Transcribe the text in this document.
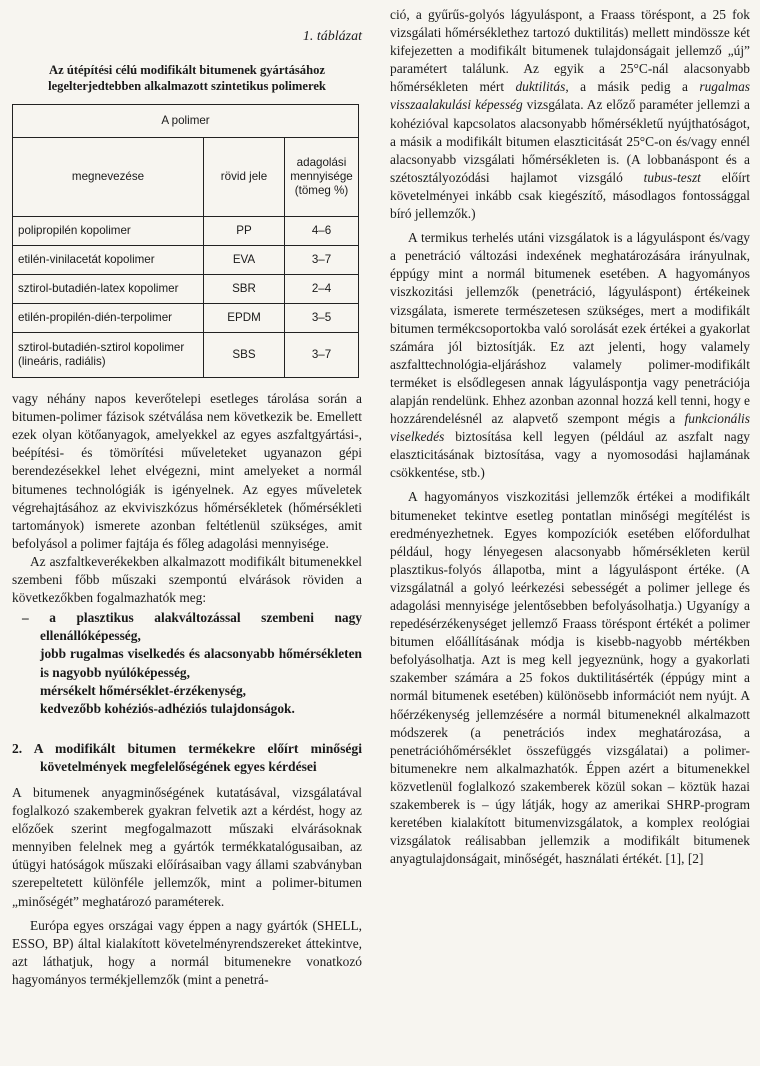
1. táblázat
Az útépítési célú modifikált bitumenek gyártásához legelterjedtebben alkalmazott szintetikus polimerek
A polimer		
megnevezése	rövid jele	adagolási mennyisége (tömeg %)
polipropilén kopolimer	PP	4–6
etilén-vinilacetát kopolimer	EVA	3–7
sztirol-butadién-latex kopolimer	SBR	2–4
etilén-propilén-dién-terpolimer	EPDM	3–5
sztirol-butadién-sztirol kopolimer (lineáris, radiális)	SBS	3–7

vagy néhány napos keverőtelepi esetleges tárolása során a bitumen-polimer fázisok szétválása nem következik be. Emellett ezek olyan kötőanyagok, amelyekkel az egyes aszfaltgyártási-, beépítési- és tömörítési műveleteket ugyanazon gépi berendezésekkel lehet elvégezni, mint amelyeket a normál bitumenes technológiák is igényelnek. Az egyes műveletek végrehajtásához az ekviviszkózus hőmérsékletek (hőmérsékleti tartományok) ismerete azonban feltétlenül szükséges, amit befolyásol a polimer fajtája és főleg adagolási mennyisége.

Az aszfaltkeverékekben alkalmazott modifikált bitumenekkel szembeni főbb műszaki szempontú elvárások röviden a következőkben fogalmazhatók meg:

– a plasztikus alakváltozással szembeni nagy ellenállóképesség,

jobb rugalmas viselkedés és alacsonyabb hőmérsékleten is nagyobb nyúlóképesség,

mérsékelt hőmérséklet-érzékenység,

kedvezőbb kohéziós-adhéziós tulajdonságok.

2. A modifikált bitumen termékekre előírt minőségi követelmények megfelelőségének egyes kérdései

A bitumenek anyagminőségének kutatásával, vizsgálatával foglalkozó szakemberek gyakran felvetik azt a kérdést, hogy az előzőek szerint megfogalmazott műszaki elvárásoknak mennyiben felelnek meg a gyártók termékkatalógusaiban, az útügyi hatóságok műszaki előírásaiban vagy állami szabványban szerepeltetett különféle jellemzők, mint a polimer-bitumen „minőségét” meghatározó paraméterek.

Európa egyes országai vagy éppen a nagy gyártók (SHELL, ESSO, BP) által kialakított követelményrendszereket áttekintve, azt láthatjuk, hogy a normál bitumenekre vonatkozó hagyományos termékjellemzők (mint a penetrá-

ció, a gyűrűs-golyós lágyuláspont, a Fraass töréspont, a 25 fok vizsgálati hőmérséklethez tartozó duktilitás) mellett mindössze két kifejezetten a modifikált bitumenek tulajdonságait jellemző „új” paramétert találunk. Az egyik a 25°C-nál alacsonyabb hőmérsékleten mért duktilitás, a másik pedig a rugalmas visszaalakulási képesség vizsgálata. Az előző paraméter jellemzi a kohézióval kapcsolatos alacsonyabb hőmérsékletű nyújthatóságot, a másik a modifikált bitumen elaszticitását 25°C-on és/vagy ennél alacsonyabb vizsgálati hőmérsékleten is. (A lobbanáspont és a szétosztályozódási hajlamot vizsgáló tubus-teszt előírt követelményei inkább csak kiegészítő, másodlagos fontossággal bíró jellemzők.)

A termikus terhelés utáni vizsgálatok is a lágyuláspont és/vagy a penetráció változási indexének meghatározására irányulnak, éppúgy mint a normál bitumenek esetében. A hagyományos viszkozitási jellemzők (penetráció, lágyuláspont) értékeinek vizsgálata, ismerete természetesen szükséges, mert a modifikált bitumen termékcsoportokba való sorolását ezek értékei a gyakorlat számára jól biztosítják. Ez azt jelenti, hogy valamely aszfalttechnológia-eljáráshoz valamely polimer-modifikált terméket is elsődlegesen annak lágyuláspontja vagy penetrációja alapján rendelünk. Ehhez azonban azonnal hozzá kell tenni, hogy e hozzárendelésnél az alapvető szempont mégis a funkcionális viselkedés biztosítása kell legyen (például az aszfalt nagy elaszticitásának biztosítása, vagy a nyomosodási hajlamának csökkentése, stb.)

A hagyományos viszkozitási jellemzők értékei a modifikált bitumeneket tekintve esetleg pontatlan minőségi megítélést is eredményezhetnek. Egyes kompozíciók esetében előfordulhat például, hogy lényegesen alacsonyabb hőmérsékleten kerül plasztikus-folyós állapotba, mint a lágyuláspont értéke. (A vizsgálatnál a golyó leérkezési sebességét a polimer jellege és adagolási mennyisége jelentősebben befolyásolhatja.) Ugyanígy a repedésérzékenységet jellemző Fraass töréspont értékét a polimer bitumen előállításának módja is kisebb-nagyobb mértékben befolyásolhatja. Azt is meg kell jegyeznünk, hogy a gyakorlati szakember számára a 25 fokos duktilitásérték (éppúgy mint a normál bitumenek esetében) különösebb információt nem nyújt. A hőérzékenység jellemzésére a normál bitumeneknél alkalmazott módszerek (a penetrációs index meghatározása, a penetrációhőmérséklet összefüggés vizsgálatai) a polimer-bitumenekre nem alkalmazhatók. Éppen azért a bitumenekkel közvetlenül foglalkozó szakemberek közül sokan – köztük hazai szakemberek is – úgy látják, hogy az amerikai SHRP-program keretében kialakított bitumenvizsgálatok, a komplex reológiai vizsgálatok reálisabban jellemzik a modifikált bitumenek anyagtulajdonságait, minőségét, használati értékét. [1], [2]
